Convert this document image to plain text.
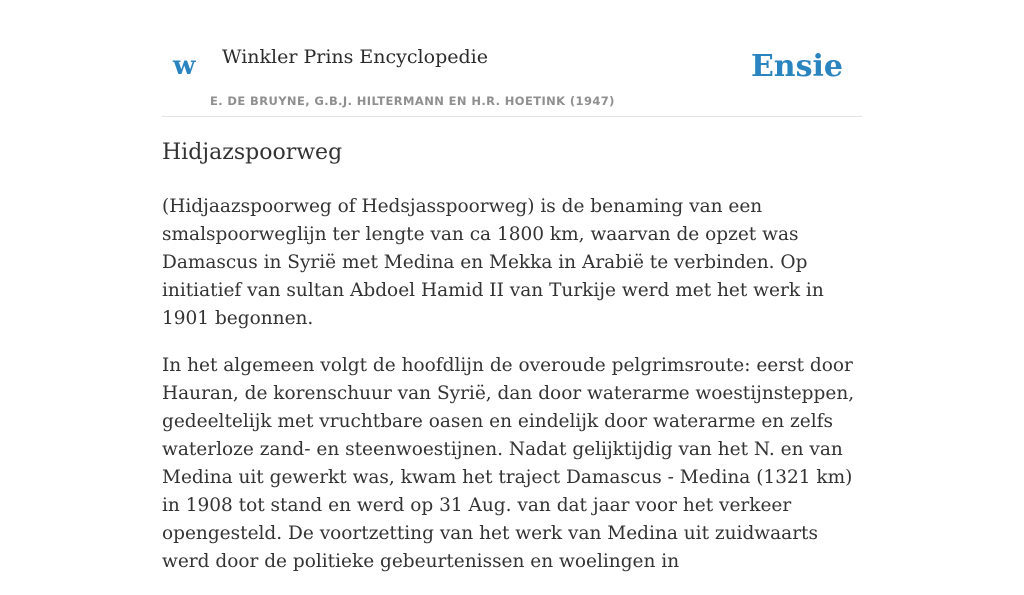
w Winkler Prins Encyclopedie
E. DE BRUYNE, G.B.J. HILTERMANN EN H.R. HOETINK (1947)
Ensie
Hidjazspoorweg

(Hidjaazspoorweg of Hedsjasspoorweg) is de benaming van een smalspoorweglijn ter lengte van ca 1800 km, waarvan de opzet was Damascus in Syrië met Medina en Mekka in Arabië te verbinden. Op initiatief van sultan Abdoel Hamid II van Turkije werd met het werk in 1901 begonnen.

In het algemeen volgt de hoofdlijn de overoude pelgrimsroute: eerst door Hauran, de korenschuur van Syrië, dan door waterarme woestijnsteppen, gedeeltelijk met vruchtbare oasen en eindelijk door waterarme en zelfs waterloze zand- en steenwoestijnen. Nadat gelijktijdig van het N. en van Medina uit gewerkt was, kwam het traject Damascus - Medina (1321 km) in 1908 tot stand en werd op 31 Aug. van dat jaar voor het verkeer opengesteld. De voortzetting van het werk van Medina uit zuidwaarts werd door de politieke gebeurtenissen en woelingen in
